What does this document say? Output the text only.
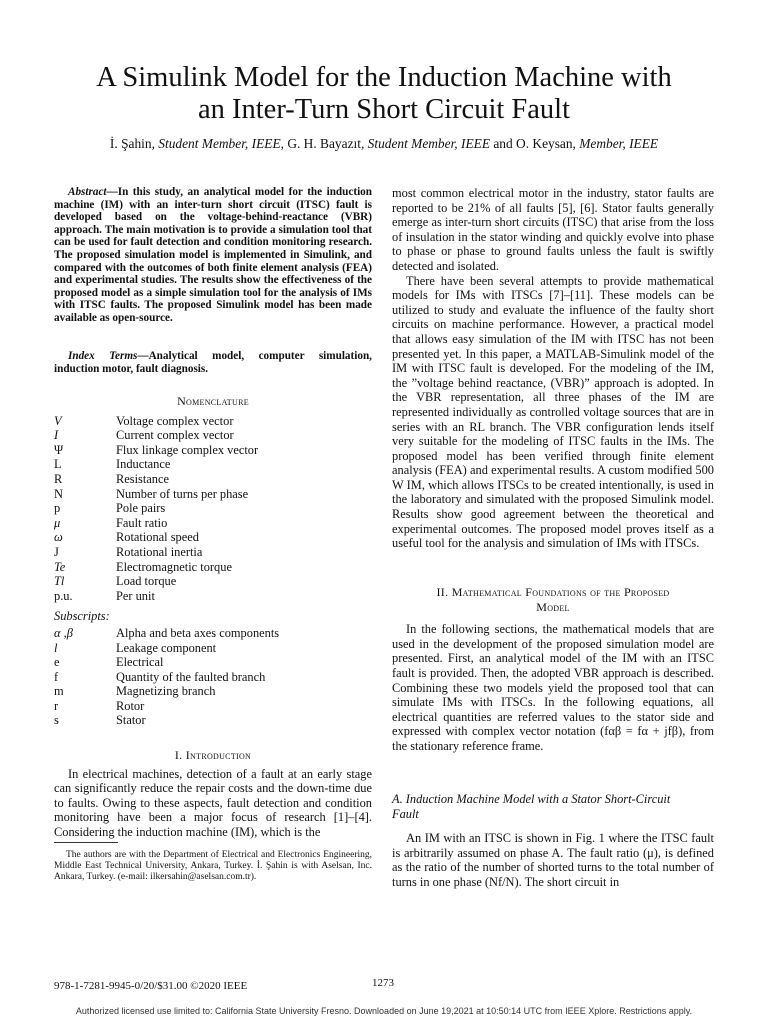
A Simulink Model for the Induction Machine with
an Inter-Turn Short Circuit Fault
İ. Şahin, Student Member, IEEE, G. H. Bayazıt, Student Member, IEEE and O. Keysan, Member, IEEE
Abstract—In this study, an analytical model for the induction machine (IM) with an inter-turn short circuit (ITSC) fault is developed based on the voltage-behind-reactance (VBR) approach. The main motivation is to provide a simulation tool that can be used for fault detection and condition monitoring research. The proposed simulation model is implemented in Simulink, and compared with the outcomes of both finite element analysis (FEA) and experimental studies. The results show the effectiveness of the proposed model as a simple simulation tool for the analysis of IMs with ITSC faults. The proposed Simulink model has been made available as open-source.
Index Terms—Analytical model, computer simulation, induction motor, fault diagnosis.
Nomenclature
V	Voltage complex vector
I	Current complex vector
Ψ	Flux linkage complex vector
L	Inductance
R	Resistance
N	Number of turns per phase
p	Pole pairs
μ	Fault ratio
ω	Rotational speed
J	Rotational inertia
Te	Electromagnetic torque
Tl	Load torque
p.u.	Per unit
Subscripts:
α ,β	Alpha and beta axes components
l	Leakage component
e	Electrical
f	Quantity of the faulted branch
m	Magnetizing branch
r	Rotor
s	Stator
I. Introduction

In electrical machines, detection of a fault at an early stage can significantly reduce the repair costs and the down-time due to faults. Owing to these aspects, fault detection and condition monitoring have been a major focus of research [1]–[4]. Considering the induction machine (IM), which is the

The authors are with the Department of Electrical and Electronics Engineering, Middle East Technical University, Ankara, Turkey. İ. Şahin is with Aselsan, Inc. Ankara, Turkey. (e-mail: ilkersahin@aselsan.com.tr).

most common electrical motor in the industry, stator faults are reported to be 21% of all faults [5], [6]. Stator faults generally emerge as inter-turn short circuits (ITSC) that arise from the loss of insulation in the stator winding and quickly evolve into phase to phase or phase to ground faults unless the fault is swiftly detected and isolated.

There have been several attempts to provide mathematical models for IMs with ITSCs [7]–[11]. These models can be utilized to study and evaluate the influence of the faulty short circuits on machine performance. However, a practical model that allows easy simulation of the IM with ITSC has not been presented yet. In this paper, a MATLAB-Simulink model of the IM with ITSC fault is developed. For the modeling of the IM, the ”voltage behind reactance, (VBR)” approach is adopted. In the VBR representation, all three phases of the IM are represented individually as controlled voltage sources that are in series with an RL branch. The VBR configuration lends itself very suitable for the modeling of ITSC faults in the IMs. The proposed model has been verified through finite element analysis (FEA) and experimental results. A custom modified 500 W IM, which allows ITSCs to be created intentionally, is used in the laboratory and simulated with the proposed Simulink model. Results show good agreement between the theoretical and experimental outcomes. The proposed model proves itself as a useful tool for the analysis and simulation of IMs with ITSCs.

II. Mathematical Foundations of the Proposed
Model

In the following sections, the mathematical models that are used in the development of the proposed simulation model are presented. First, an analytical model of the IM with an ITSC fault is provided. Then, the adopted VBR approach is described. Combining these two models yield the proposed tool that can simulate IMs with ITSCs. In the following equations, all electrical quantities are referred values to the stator side and expressed with complex vector notation (fαβ = fα + jfβ), from the stationary reference frame.

A. Induction Machine Model with a Stator Short-Circuit
Fault

An IM with an ITSC is shown in Fig. 1 where the ITSC fault is arbitrarily assumed on phase A. The fault ratio (μ), is defined as the ratio of the number of shorted turns to the total number of turns in one phase (Nf/N). The short circuit in

978-1-7281-9945-0/20/$31.00 ©2020 IEEE	1273
Authorized licensed use limited to: California State University Fresno. Downloaded on June 19,2021 at 10:50:14 UTC from IEEE Xplore. Restrictions apply.
